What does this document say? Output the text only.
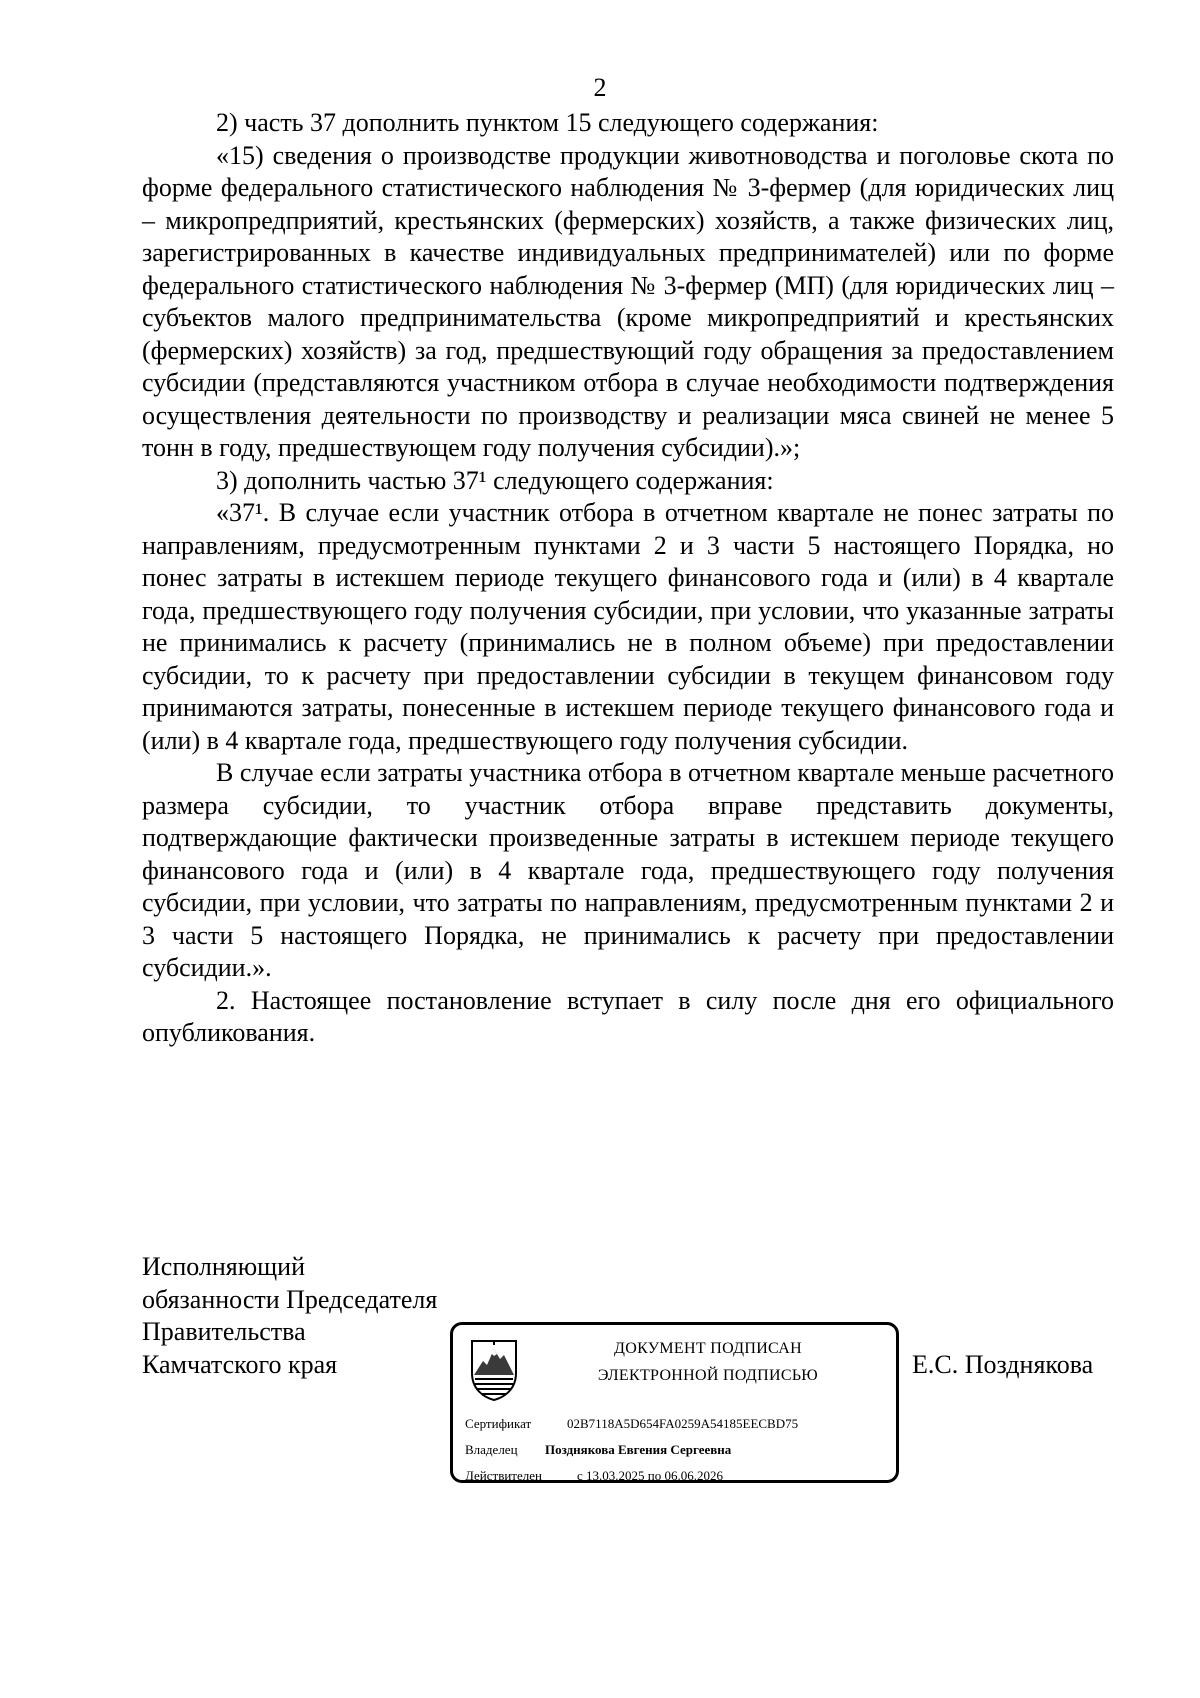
2

2) часть 37 дополнить пунктом 15 следующего содержания:

«15) сведения о производстве продукции животноводства и поголовье скота по форме федерального статистического наблюдения № 3-фермер (для юридических лиц – микропредприятий, крестьянских (фермерских) хозяйств, а также физических лиц, зарегистрированных в качестве индивидуальных предпринимателей) или по форме федерального статистического наблюдения № 3-фермер (МП) (для юридических лиц – субъектов малого предпринимательства (кроме микропредприятий и крестьянских (фермерских) хозяйств) за год, предшествующий году обращения за предоставлением субсидии (представляются участником отбора в случае необходимости подтверждения осуществления деятельности по производству и реализации мяса свиней не менее 5 тонн в году, предшествующем году получения субсидии).»;

3) дополнить частью 37¹ следующего содержания:

«37¹. В случае если участник отбора в отчетном квартале не понес затраты по направлениям, предусмотренным пунктами 2 и 3 части 5 настоящего Порядка, но понес затраты в истекшем периоде текущего финансового года и (или) в 4 квартале года, предшествующего году получения субсидии, при условии, что указанные затраты не принимались к расчету (принимались не в полном объеме) при предоставлении субсидии, то к расчету при предоставлении субсидии в текущем финансовом году принимаются затраты, понесенные в истекшем периоде текущего финансового года и (или) в 4 квартале года, предшествующего году получения субсидии.

В случае если затраты участника отбора в отчетном квартале меньше расчетного размера субсидии, то участник отбора вправе представить документы, подтверждающие фактически произведенные затраты в истекшем периоде текущего финансового года и (или) в 4 квартале года, предшествующего году получения субсидии, при условии, что затраты по направлениям, предусмотренным пунктами 2 и 3 части 5 настоящего Порядка, не принимались к расчету при предоставлении субсидии.».

2. Настоящее постановление вступает в силу после дня его официального опубликования.

Исполняющий
обязанности Председателя
Правительства
Камчатского края
ДОКУМЕНТ ПОДПИСАН
ЭЛЕКТРОННОЙ ПОДПИСЬЮ
Сертификат	02B7118A5D654FA0259A54185EECBD75
Владелец Позднякова Евгения Сергеевна
Действителен	с 13.03.2025 по 06.06.2026
Е.С. Позднякова
